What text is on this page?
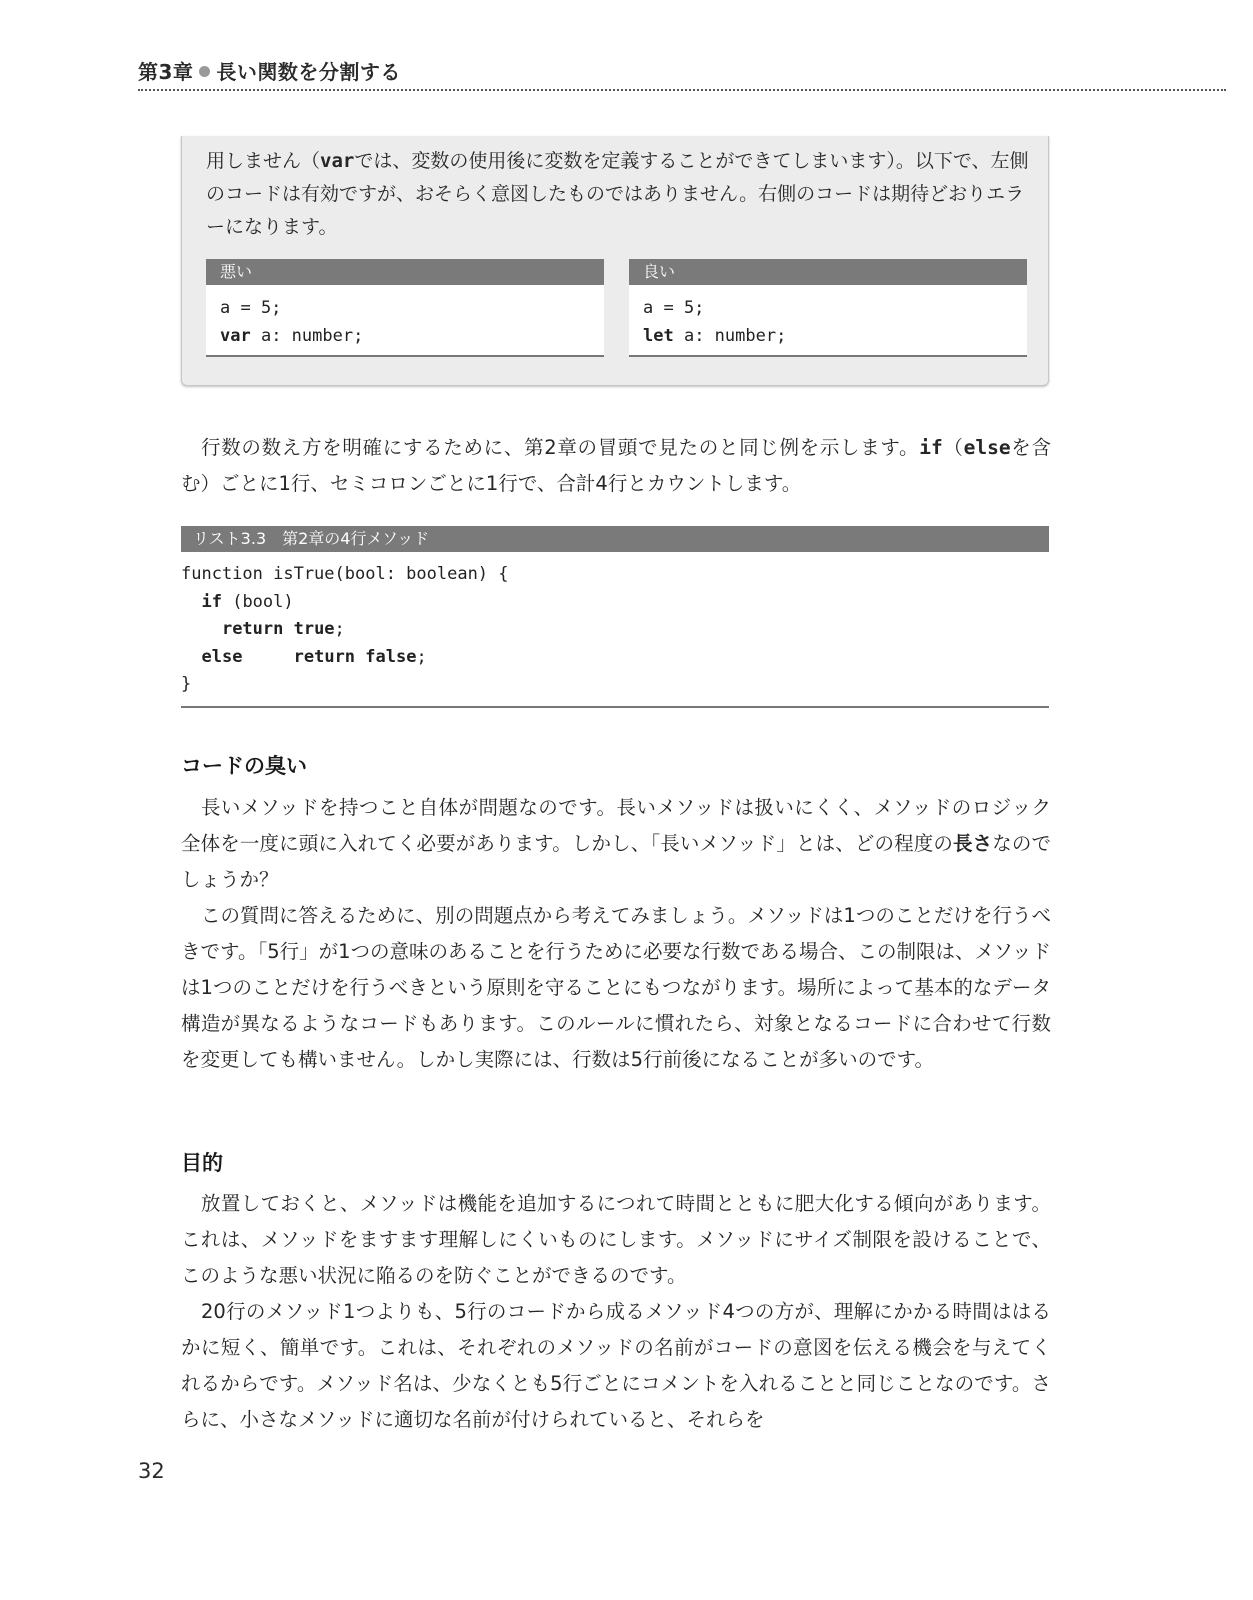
第3章 長い関数を分割する
用しません（varでは、変数の使用後に変数を定義することができてしまいます）。以下で、左側のコードは有効ですが、おそらく意図したものではありません。右側のコードは期待どおりエラーになります。
悪い
a = 5;
var a: number;
良い
a = 5;
let a: number;

行数の数え方を明確にするために、第2章の冒頭で見たのと同じ例を示します。if（elseを含む）ごとに1行、セミコロンごとに1行で、合計4行とカウントします。

リスト3.3　第2章の4行メソッド
function isTrue(bool: boolean) {
if (bool)
return true;
else	return false;
}
コードの臭い

長いメソッドを持つこと自体が問題なのです。長いメソッドは扱いにくく、メソッドのロジック全体を一度に頭に入れてく必要があります。しかし、「長いメソッド」とは、どの程度の長さなのでしょうか？

この質問に答えるために、別の問題点から考えてみましょう。メソッドは1つのことだけを行うべきです。「5行」が1つの意味のあることを行うために必要な行数である場合、この制限は、メソッドは1つのことだけを行うべきという原則を守ることにもつながります。場所によって基本的なデータ構造が異なるようなコードもあります。このルールに慣れたら、対象となるコードに合わせて行数を変更しても構いません。しかし実際には、行数は5行前後になることが多いのです。

目的

放置しておくと、メソッドは機能を追加するにつれて時間とともに肥大化する傾向があります。これは、メソッドをますます理解しにくいものにします。メソッドにサイズ制限を設けることで、このような悪い状況に陥るのを防ぐことができるのです。

20行のメソッド1つよりも、5行のコードから成るメソッド4つの方が、理解にかかる時間ははるかに短く、簡単です。これは、それぞれのメソッドの名前がコードの意図を伝える機会を与えてくれるからです。メソッド名は、少なくとも5行ごとにコメントを入れることと同じことなのです。さらに、小さなメソッドに適切な名前が付けられていると、それらを

32
